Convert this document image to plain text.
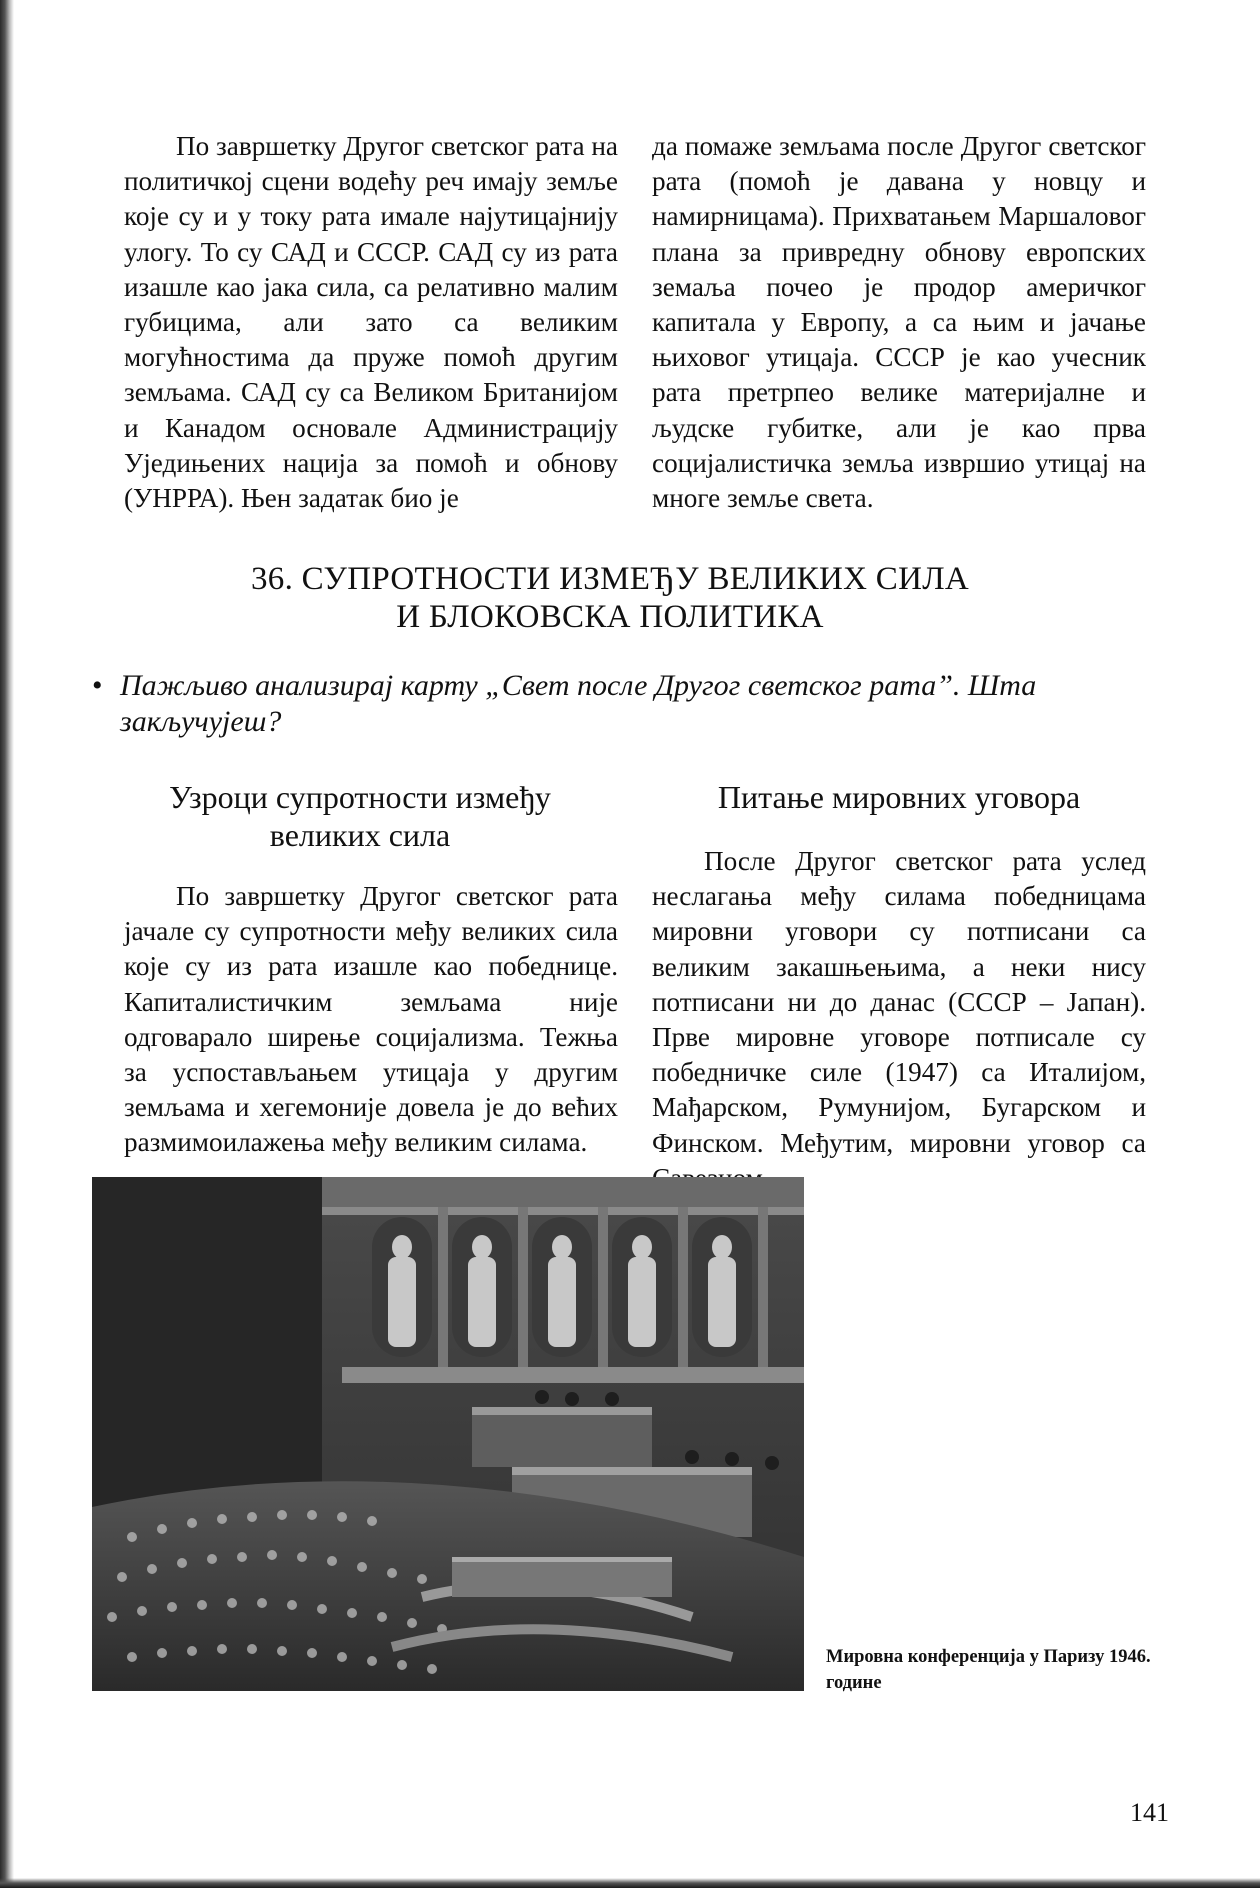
По завршетку Другог светског рата на политичкој сцени водећу реч имају земље које су и у току рата имале најутицајнију улогу. То су САД и СССР. САД су из рата изашле као јака сила, са релативно малим губицима, али зато са великим могућностима да пруже помоћ другим земљама. САД су са Великом Британијом и Канадом основале Администрацију Уједињених нација за помоћ и обнову (УНРРА). Њен задатак био је

да помаже земљама после Другог светског рата (помоћ је давана у новцу и намирницама). Прихватањем Маршаловог плана за привредну обнову европских земаља почео је продор америчког капитала у Европу, а са њим и јачање њиховог утицаја. СССР је као учесник рата претрпео велике материјалне и људске губитке, али је као прва социјалистичка земља извршио утицај на многе земље света.

36. СУПРОТНОСТИ ИЗМЕЂУ ВЕЛИКИХ СИЛА
И БЛОКОВСКА ПОЛИТИКА
• Пажљиво анализирај карту „Свет после Другог светског рата”. Шта закључујеш?
Узроци супротности између великих сила
Питање мировних уговора

По завршетку Другог светског рата јачале су супротности међу великих сила које су из рата изашле као победнице. Капиталистичким земљама није одговарало ширење социјализма. Тежња за успостављањем утицаја у другим земљама и хегемоније довела је до већих размимоилажења међу великим силама.

После Другог светског рата услед неслагања међу силама победницама мировни уговори су потписани са великим закашњењима, а неки нису потписани ни до данас (СССР – Јапан). Прве мировне уговоре потписале су победничке силе (1947) са Италијом, Мађарском, Румунијом, Бугарском и Финском. Међутим, мировни уговор са

Мировна конференција у Паризу 1946. године
141
